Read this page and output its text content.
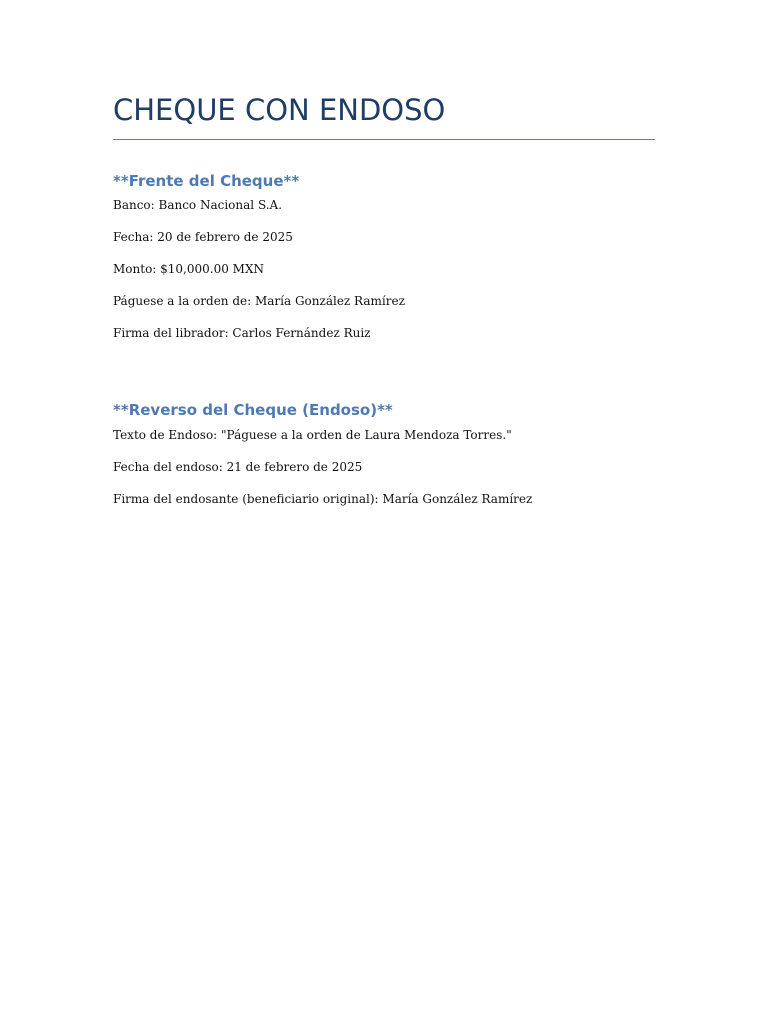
CHEQUE CON ENDOSO
**Frente del Cheque**

Banco: Banco Nacional S.A.

Fecha: 20 de febrero de 2025

Monto: $10,000.00 MXN

Páguese a la orden de: María González Ramírez

Firma del librador: Carlos Fernández Ruiz

**Reverso del Cheque (Endoso)**

Texto de Endoso: "Páguese a la orden de Laura Mendoza Torres."

Fecha del endoso: 21 de febrero de 2025

Firma del endosante (beneficiario original): María González Ramírez
